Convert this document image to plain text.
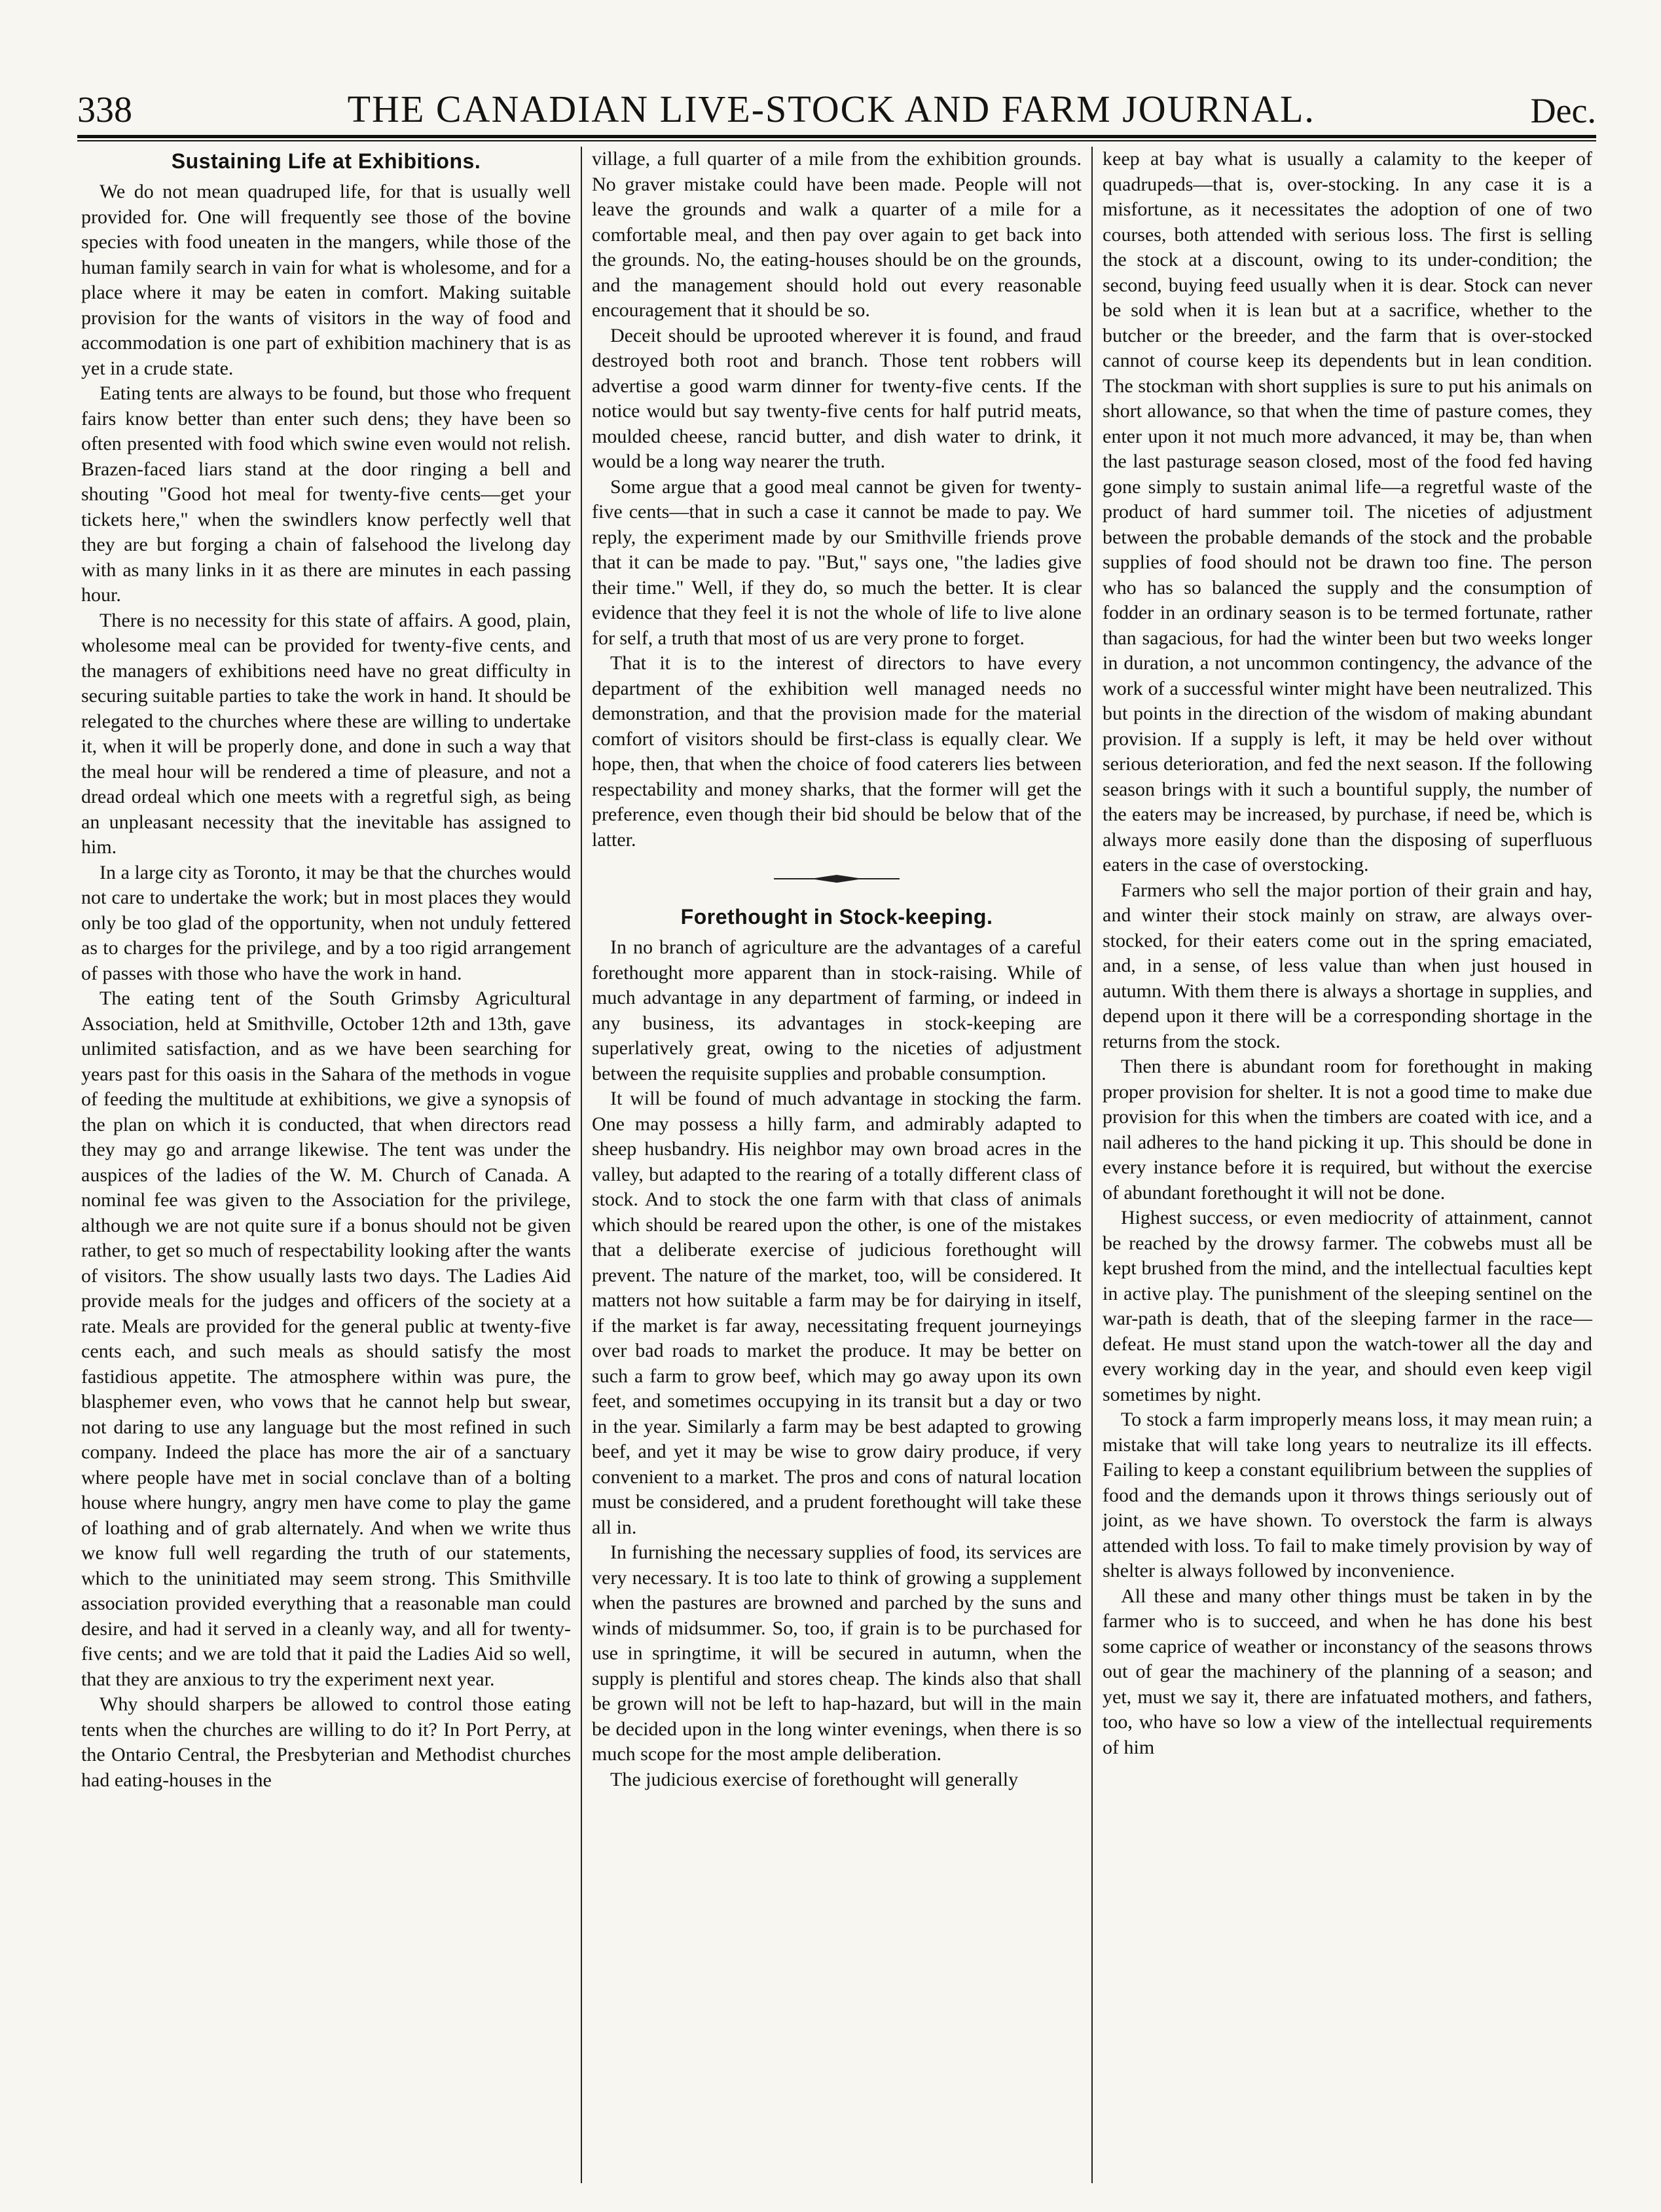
338	THE CANADIAN LIVE-STOCK AND FARM JOURNAL.	Dec.
Sustaining Life at Exhibitions.

We do not mean quadruped life, for that is usually well provided for. One will frequently see those of the bovine species with food uneaten in the mangers, while those of the human family search in vain for what is wholesome, and for a place where it may be eaten in comfort. Making suitable provision for the wants of visitors in the way of food and accommodation is one part of exhibition machinery that is as yet in a crude state.

Eating tents are always to be found, but those who frequent fairs know better than enter such dens; they have been so often presented with food which swine even would not relish. Brazen-faced liars stand at the door ringing a bell and shouting "Good hot meal for twenty-five cents—get your tickets here," when the swindlers know perfectly well that they are but forging a chain of falsehood the livelong day with as many links in it as there are minutes in each passing hour.

There is no necessity for this state of affairs. A good, plain, wholesome meal can be provided for twenty-five cents, and the managers of exhibitions need have no great difficulty in securing suitable parties to take the work in hand. It should be relegated to the churches where these are willing to undertake it, when it will be properly done, and done in such a way that the meal hour will be rendered a time of pleasure, and not a dread ordeal which one meets with a regretful sigh, as being an unpleasant necessity that the inevitable has assigned to him.

In a large city as Toronto, it may be that the churches would not care to undertake the work; but in most places they would only be too glad of the opportunity, when not unduly fettered as to charges for the privilege, and by a too rigid arrangement of passes with those who have the work in hand.

The eating tent of the South Grimsby Agricultural Association, held at Smithville, October 12th and 13th, gave unlimited satisfaction, and as we have been searching for years past for this oasis in the Sahara of the methods in vogue of feeding the multitude at exhibitions, we give a synopsis of the plan on which it is conducted, that when directors read they may go and arrange likewise. The tent was under the auspices of the ladies of the W. M. Church of Canada. A nominal fee was given to the Association for the privilege, although we are not quite sure if a bonus should not be given rather, to get so much of respectability looking after the wants of visitors. The show usually lasts two days. The Ladies Aid provide meals for the judges and officers of the society at a rate. Meals are provided for the general public at twenty-five cents each, and such meals as should satisfy the most fastidious appetite. The atmosphere within was pure, the blasphemer even, who vows that he cannot help but swear, not daring to use any language but the most refined in such company. Indeed the place has more the air of a sanctuary where people have met in social conclave than of a bolting house where hungry, angry men have come to play the game of loathing and of grab alternately. And when we write thus we know full well regarding the truth of our statements, which to the uninitiated may seem strong. This Smithville association provided everything that a reasonable man could desire, and had it served in a cleanly way, and all for twenty-five cents; and we are told that it paid the Ladies Aid so well, that they are anxious to try the experiment next year.

Why should sharpers be allowed to control those eating tents when the churches are willing to do it? In Port Perry, at the Ontario Central, the Presbyterian and Methodist churches had eating-houses in the

village, a full quarter of a mile from the exhibition grounds. No graver mistake could have been made. People will not leave the grounds and walk a quarter of a mile for a comfortable meal, and then pay over again to get back into the grounds. No, the eating-houses should be on the grounds, and the management should hold out every reasonable encouragement that it should be so.

Deceit should be uprooted wherever it is found, and fraud destroyed both root and branch. Those tent robbers will advertise a good warm dinner for twenty-five cents. If the notice would but say twenty-five cents for half putrid meats, moulded cheese, rancid butter, and dish water to drink, it would be a long way nearer the truth.

Some argue that a good meal cannot be given for twenty-five cents—that in such a case it cannot be made to pay. We reply, the experiment made by our Smithville friends prove that it can be made to pay. "But," says one, "the ladies give their time." Well, if they do, so much the better. It is clear evidence that they feel it is not the whole of life to live alone for self, a truth that most of us are very prone to forget.

That it is to the interest of directors to have every department of the exhibition well managed needs no demonstration, and that the provision made for the material comfort of visitors should be first-class is equally clear. We hope, then, that when the choice of food caterers lies between respectability and money sharks, that the former will get the preference, even though their bid should be below that of the latter.

Forethought in Stock-keeping.

In no branch of agriculture are the advantages of a careful forethought more apparent than in stock-raising. While of much advantage in any department of farming, or indeed in any business, its advantages in stock-keeping are superlatively great, owing to the niceties of adjustment between the requisite supplies and probable consumption.

It will be found of much advantage in stocking the farm. One may possess a hilly farm, and admirably adapted to sheep husbandry. His neighbor may own broad acres in the valley, but adapted to the rearing of a totally different class of stock. And to stock the one farm with that class of animals which should be reared upon the other, is one of the mistakes that a deliberate exercise of judicious forethought will prevent. The nature of the market, too, will be considered. It matters not how suitable a farm may be for dairying in itself, if the market is far away, necessitating frequent journeyings over bad roads to market the produce. It may be better on such a farm to grow beef, which may go away upon its own feet, and sometimes occupying in its transit but a day or two in the year. Similarly a farm may be best adapted to growing beef, and yet it may be wise to grow dairy produce, if very convenient to a market. The pros and cons of natural location must be considered, and a prudent forethought will take these all in.

In furnishing the necessary supplies of food, its services are very necessary. It is too late to think of growing a supplement when the pastures are browned and parched by the suns and winds of midsummer. So, too, if grain is to be purchased for use in springtime, it will be secured in autumn, when the supply is plentiful and stores cheap. The kinds also that shall be grown will not be left to hap-hazard, but will in the main be decided upon in the long winter evenings, when there is so much scope for the most ample deliberation.

The judicious exercise of forethought will generally

keep at bay what is usually a calamity to the keeper of quadrupeds—that is, over-stocking. In any case it is a misfortune, as it necessitates the adoption of one of two courses, both attended with serious loss. The first is selling the stock at a discount, owing to its under-condition; the second, buying feed usually when it is dear. Stock can never be sold when it is lean but at a sacrifice, whether to the butcher or the breeder, and the farm that is over-stocked cannot of course keep its dependents but in lean condition. The stockman with short supplies is sure to put his animals on short allowance, so that when the time of pasture comes, they enter upon it not much more advanced, it may be, than when the last pasturage season closed, most of the food fed having gone simply to sustain animal life—a regretful waste of the product of hard summer toil. The niceties of adjustment between the probable demands of the stock and the probable supplies of food should not be drawn too fine. The person who has so balanced the supply and the consumption of fodder in an ordinary season is to be termed fortunate, rather than sagacious, for had the winter been but two weeks longer in duration, a not uncommon contingency, the advance of the work of a successful winter might have been neutralized. This but points in the direction of the wisdom of making abundant provision. If a supply is left, it may be held over without serious deterioration, and fed the next season. If the following season brings with it such a bountiful supply, the number of the eaters may be increased, by purchase, if need be, which is always more easily done than the disposing of superfluous eaters in the case of overstocking.

Farmers who sell the major portion of their grain and hay, and winter their stock mainly on straw, are always over-stocked, for their eaters come out in the spring emaciated, and, in a sense, of less value than when just housed in autumn. With them there is always a shortage in supplies, and depend upon it there will be a corresponding shortage in the returns from the stock.

Then there is abundant room for forethought in making proper provision for shelter. It is not a good time to make due provision for this when the timbers are coated with ice, and a nail adheres to the hand picking it up. This should be done in every instance before it is required, but without the exercise of abundant forethought it will not be done.

Highest success, or even mediocrity of attainment, cannot be reached by the drowsy farmer. The cobwebs must all be kept brushed from the mind, and the intellectual faculties kept in active play. The punishment of the sleeping sentinel on the war-path is death, that of the sleeping farmer in the race—defeat. He must stand upon the watch-tower all the day and every working day in the year, and should even keep vigil sometimes by night.

To stock a farm improperly means loss, it may mean ruin; a mistake that will take long years to neutralize its ill effects. Failing to keep a constant equilibrium between the supplies of food and the demands upon it throws things seriously out of joint, as we have shown. To overstock the farm is always attended with loss. To fail to make timely provision by way of shelter is always followed by inconvenience.

All these and many other things must be taken in by the farmer who is to succeed, and when he has done his best some caprice of weather or inconstancy of the seasons throws out of gear the machinery of the planning of a season; and yet, must we say it, there are infatuated mothers, and fathers, too, who have so low a view of the intellectual requirements of him
